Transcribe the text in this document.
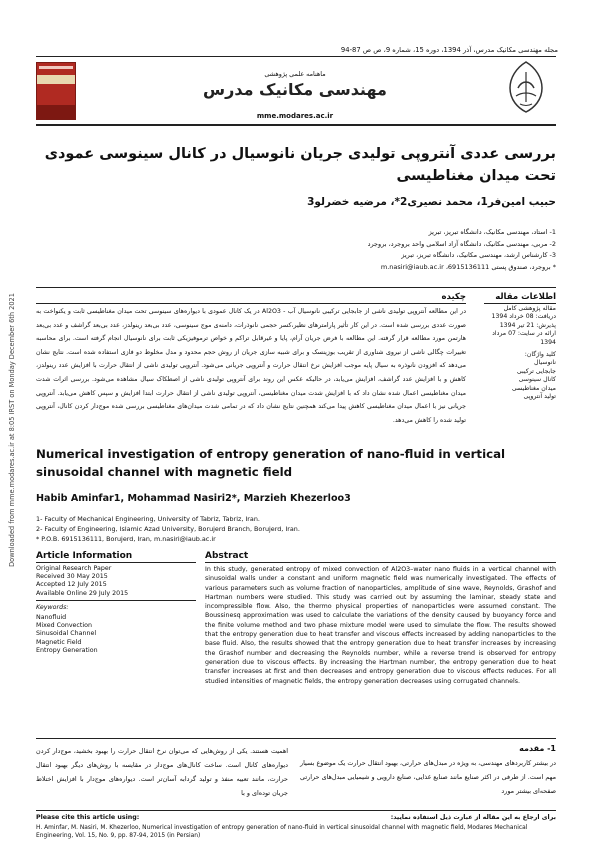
Downloaded from mme.modares.ac.ir at 8:05 IRST on Monday December 6th 2021
مجله مهندسی مکانیک مدرس، آذر 1394، دوره 15، شماره 9، ص ص 87-94
ماهنامه علمی پژوهشی
مهندسی مکانیک مدرس
mme.modares.ac.ir
بررسی عددی آنتروپی تولیدی جریان نانوسیال در کانال سینوسی عمودی تحت میدان مغناطیسی
حبیب امین‌فر1، محمد نصیری2*، مرضیه خضرلو3
1- استاد، مهندسی مکانیک، دانشگاه تبریز، تبریز
2- مربی، مهندسی مکانیک، دانشگاه آزاد اسلامی واحد بروجرد، بروجرد
3- کارشناس ارشد، مهندسی مکانیک، دانشگاه تبریز، تبریز
* بروجرد، صندوق پستی 6915136111، m.nasiri@iaub.ac.ir
اطلاعات مقاله
مقاله پژوهشی کامل
دریافت: 08 خرداد 1394
پذیرش: 21 تیر 1394
ارائه در سایت: 07 مرداد 1394
کلید واژگان:
نانوسیال
جابجایی ترکیبی
کانال سینوسی
میدان مغناطیسی
تولید آنتروپی
چکیده
در این مطالعه آنتروپی تولیدی ناشی از جابجایی ترکیبی نانوسیال آب - Al2O3 در یک کانال عمودی با دیواره‌های سینوسی تحت میدان مغناطیسی ثابت و یکنواخت به صورت عددی بررسی شده است. در این کار تأثیر پارامترهای نظیر،کسر حجمی نانوذرات، دامنه‌ی موج سینوسی، عدد بی‌بعد رینولدز، عدد بی‌بعد گراشف و عدد بی‌بعد هارتمن مورد مطالعه قرار گرفته. این مطالعه با فرض جریان آرام، پایا و غیرقابل تراکم و خواص ترموفیزیکی ثابت برای نانوسیال انجام گرفته است. برای محاسبه تغییرات چگالی ناشی از نیروی شناوری از تقریب بوزینسک و برای شبیه سازی جریان از روش حجم محدود و مدل مخلوط دو فازی استفاده شده است. نتایج نشان می‌دهد که افزودن نانوذره به سیال پایه موجب افزایش نرخ انتقال حرارت و آنتروپی جریانی می‌شود. آنتروپی تولیدی ناشی از انتقال حرارت با افزایش عدد رینولدز، کاهش و با افزایش عدد گراشف، افزایش می‌یابد، در حالیکه عکس این روند برای آنتروپی تولیدی ناشی از اصطکاک سیال مشاهده می‌شود. بررسی اثرات شدت میدان مغناطیسی اعمال شده نشان داد که با افزایش شدت میدان مغناطیسی، آنتروپی تولیدی ناشی از انتقال حرارت ابتدا افزایش و سپس کاهش می‌یابد. آنتروپی جریانی نیز با اعمال میدان مغناطیسی کاهش پیدا می‌کند همچنین نتایج نشان داد که در تمامی شدت میدان‌های مغناطیسی بررسی شده موج‌دار کردن کانال، آنتروپی تولید شده را کاهش می‌دهد.
Numerical investigation of entropy generation of nano-fluid in vertical sinusoidal channel with magnetic field
Habib Aminfar1, Mohammad Nasiri2*, Marzieh Khezerloo3
1- Faculty of Mechanical Engineering, University of Tabriz, Tabriz, Iran.
2- Faculty of Engineering, Islamic Azad University, Borujerd Branch, Borujerd, Iran.
* P.O.B. 6915136111, Borujerd, Iran, m.nasiri@iaub.ac.ir
Article Information
Original Research Paper
Received 30 May 2015
Accepted 12 July 2015
Available Online 29 July 2015
Keywords:
Nanofluid
Mixed Convection
Sinusoidal Channel
Magnetic Field
Entropy Generation
Abstract
In this study, generated entropy of mixed convection of Al2O3–water nano fluids in a vertical channel with sinusoidal walls under a constant and uniform magnetic field was numerically investigated. The effects of various parameters such as volume fraction of nanoparticles, amplitude of sine wave, Reynolds, Grashof and Hartman numbers were studied. This study was carried out by assuming the laminar, steady state and incompressible flow. Also, the thermo physical properties of nanoparticles were assumed constant. The Boussinesq approximation was used to calculate the variations of the density caused by buoyancy force and the finite volume method and two phase mixture model were used to simulate the flow. The results showed that the entropy generation due to heat transfer and viscous effects increased by adding nanoparticles to the base fluid. Also, the results showed that the entropy generation due to heat transfer increases by increasing the Grashof number and decreasing the Reynolds number, while a reverse trend is observed for entropy generation due to viscous effects. By increasing the Hartman number, the entropy generation due to heat transfer increases at first and then decreases and entropy generation due to viscous effects reduces. For all studied intensities of magnetic fields, the entropy generation decreases using corrugated channels.
1- مقدمه
در بیشتر کاربردهای مهندسی، به ویژه در مبدل‌های حرارتی، بهبود انتقال حرارت یک موضوع بسیار مهم است. از طرفی در اکثر صنایع مانند صنایع غذایی، صنایع دارویی و شیمیایی مبدل‌های حرارتی صفحه‌ای بیشتر مورد
اهمیت هستند. یکی از روش‌هایی که می‌توان نرخ انتقال حرارت را بهبود بخشید، موج‌دار کردن دیواره‌های کانال است. ساخت کانال‌های موج‌دار در مقایسه با روش‌های دیگر بهبود انتقال حرارت، مانند تعبیه منفذ و تولید گردابه آسان‌تر است. دیواره‌های موج‌دار با افزایش اختلاط جریان توده‌ای و با
Please cite this article using:	برای ارجاع به این مقاله از عبارت ذیل استفاده نمایید:
H. Aminfar, M. Nasiri, M. Khezerloo, Numerical investigation of entropy generation of nano-fluid in vertical sinusoidal channel with magnetic field, Modares Mechanical Engineering, Vol. 15, No. 9, pp. 87-94, 2015 (in Persian)
